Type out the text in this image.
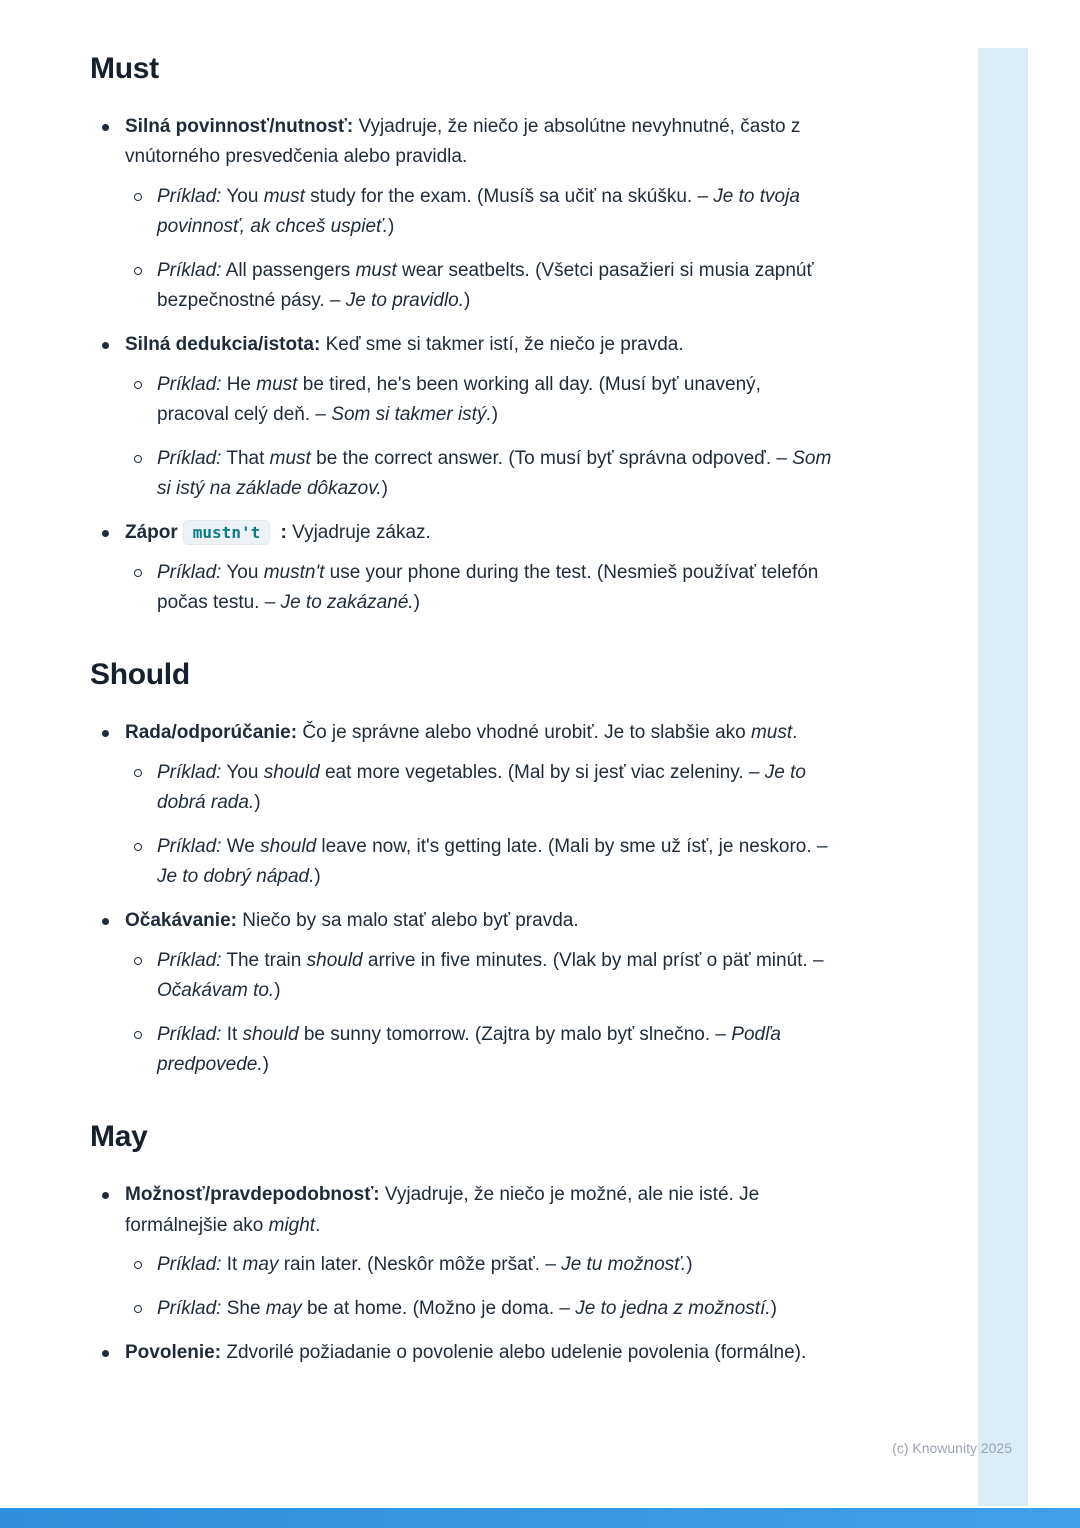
Must

Silná povinnosť/nutnosť: Vyjadruje, že niečo je absolútne nevyhnutné, často z vnútorného presvedčenia alebo pravidla.

Príklad: You must study for the exam. (Musíš sa učiť na skúšku. – Je to tvoja povinnosť, ak chceš uspieť.)

Príklad: All passengers must wear seatbelts. (Všetci pasažieri si musia zapnúť bezpečnostné pásy. – Je to pravidlo.)

Silná dedukcia/istota: Keď sme si takmer istí, že niečo je pravda.

Príklad: He must be tired, he's been working all day. (Musí byť unavený, pracoval celý deň. – Som si takmer istý.)

Príklad: That must be the correct answer. (To musí byť správna odpoveď. – Som si istý na základe dôkazov.)

Zápor mustn't : Vyjadruje zákaz.

Príklad: You mustn't use your phone during the test. (Nesmieš používať telefón počas testu. – Je to zakázané.)

Should

Rada/odporúčanie: Čo je správne alebo vhodné urobiť. Je to slabšie ako must.

Príklad: You should eat more vegetables. (Mal by si jesť viac zeleniny. – Je to dobrá rada.)

Príklad: We should leave now, it's getting late. (Mali by sme už ísť, je neskoro. – Je to dobrý nápad.)

Očakávanie: Niečo by sa malo stať alebo byť pravda.

Príklad: The train should arrive in five minutes. (Vlak by mal prísť o päť minút. – Očakávam to.)

Príklad: It should be sunny tomorrow. (Zajtra by malo byť slnečno. – Podľa predpovede.)

May

Možnosť/pravdepodobnosť: Vyjadruje, že niečo je možné, ale nie isté. Je formálnejšie ako might.

Príklad: It may rain later. (Neskôr môže pršať. – Je tu možnosť.)

Príklad: She may be at home. (Možno je doma. – Je to jedna z možností.)

Povolenie: Zdvorilé požiadanie o povolenie alebo udelenie povolenia (formálne).

(c) Knowunity 2025
